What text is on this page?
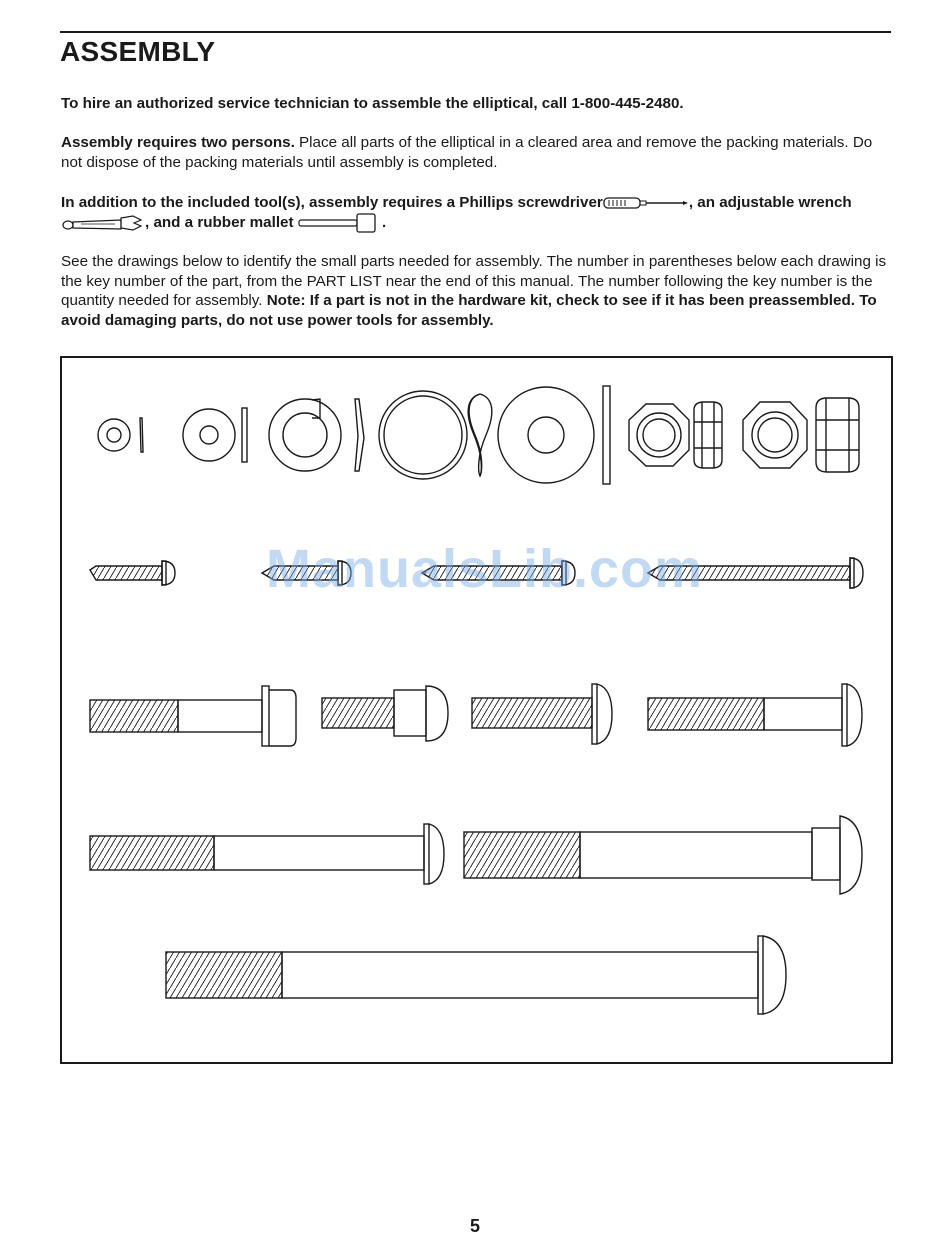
ASSEMBLY

To hire an authorized service technician to assemble the elliptical, call 1-800-445-2480.

Assembly requires two persons. Place all parts of the elliptical in a cleared area and remove the packing materials. Do not dispose of the packing materials until assembly is completed.

In addition to the included tool(s), assembly requires a Phillips screwdriver	, an adjustable wrench , and a rubber mallet	.

See the drawings below to identify the small parts needed for assembly. The number in parentheses below each drawing is the key number of the part, from the PART LIST near the end of this manual. The number following the key number is the quantity needed for assembly. Note: If a part is not in the hardware kit, check to see if it has been preassembled. To avoid damaging parts, do not use power tools for assembly.

ManualsLib.com
5
